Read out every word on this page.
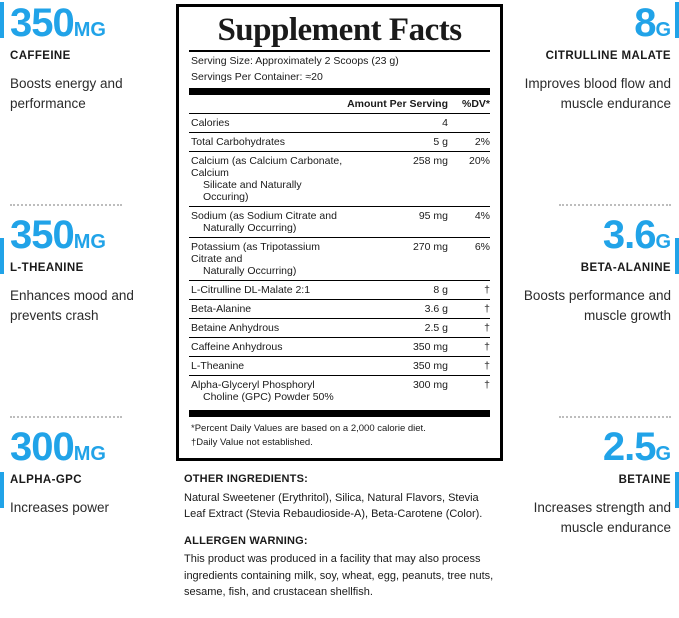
350MG
CAFFEINE
Boosts energy and performance
350MG
L-THEANINE
Enhances mood and prevents crash
300MG
ALPHA-GPC
Increases power
Supplement Facts
Serving Size: Approximately 2 Scoops (23 g)
Servings Per Container: ≈20
	Amount Per Serving	%DV*
Calories	4	
Total Carbohydrates	5 g	2%
Calcium (as Calcium Carbonate, Calcium
Silicate and Naturally Occuring)	258 mg	20%
Sodium (as Sodium Citrate and
Naturally Occurring)	95 mg	4%
Potassium (as Tripotassium Citrate and
Naturally Occurring)	270 mg	6%
L-Citrulline DL-Malate 2:1	8 g	†
Beta-Alanine	3.6 g	†
Betaine Anhydrous	2.5 g	†
Caffeine Anhydrous	350 mg	†
L-Theanine	350 mg	†
Alpha-Glyceryl Phosphoryl
Choline (GPC) Powder 50%	300 mg	†
*Percent Daily Values are based on a 2,000 calorie diet.
†Daily Value not established.
OTHER INGREDIENTS:
Natural Sweetener (Erythritol), Silica, Natural Flavors, Stevia Leaf Extract (Stevia Rebaudioside-A), Beta-Carotene (Color).
ALLERGEN WARNING:
This product was produced in a facility that may also process ingredients containing milk, soy, wheat, egg, peanuts, tree nuts, sesame, fish, and crustacean shellfish.
8G
CITRULLINE MALATE
Improves blood flow and muscle endurance
3.6G
BETA-ALANINE
Boosts performance and muscle growth
2.5G
BETAINE
Increases strength and muscle endurance
